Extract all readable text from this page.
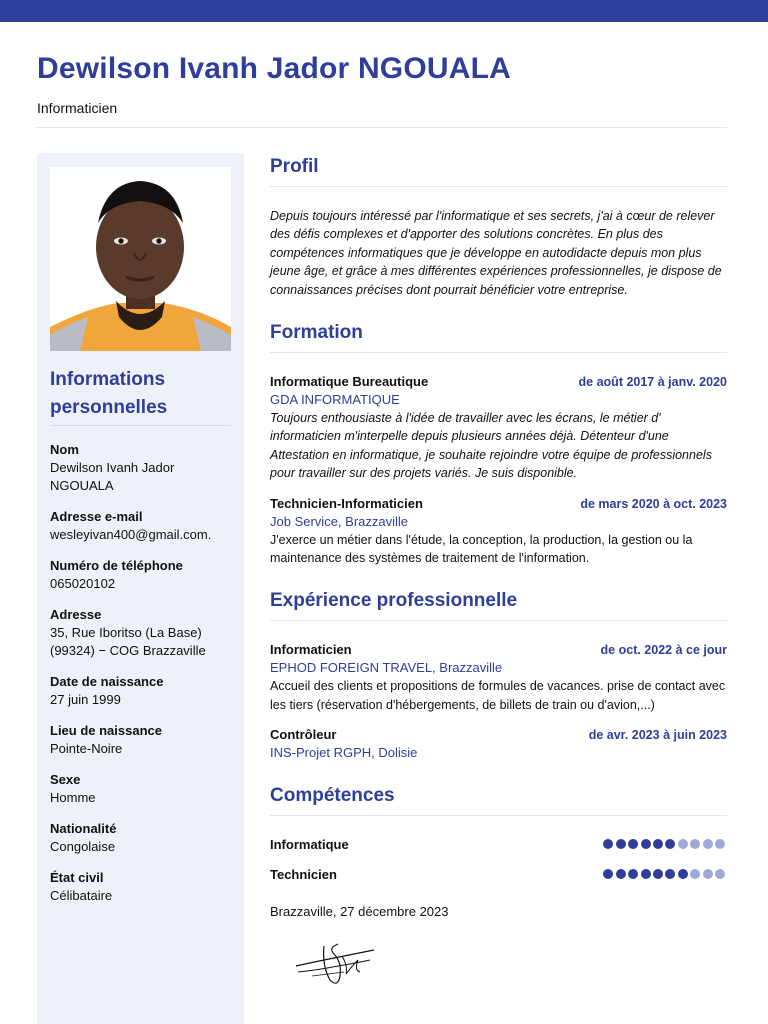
Dewilson Ivanh Jador NGOUALA
Informaticien
Informations personnelles
Nom
Dewilson Ivanh Jador NGOUALA
Adresse e-mail
wesleyivan400@gmail.com.
Numéro de téléphone
065020102
Adresse
35, Rue Iboritso (La Base) (99324) − COG Brazzaville
Date de naissance
27 juin 1999
Lieu de naissance
Pointe-Noire
Sexe
Homme
Nationalité
Congolaise
État civil
Célibataire
Profil
Depuis toujours intéressé par l'informatique et ses secrets, j'ai à cœur de relever des défis complexes et d'apporter des solutions concrètes. En plus des compétences informatiques que je développe en autodidacte depuis mon plus jeune âge, et grâce à mes différentes expériences professionnelles, je dispose de connaissances précises dont pourrait bénéficier votre entreprise.
Formation
Informatique Bureautique	de août 2017 à janv. 2020
GDA INFORMATIQUE
Toujours enthousiaste à l'idée de travailler avec les écrans, le métier d' informaticien m'interpelle depuis plusieurs années déjà. Détenteur d'une Attestation en informatique, je souhaite rejoindre votre équipe de professionnels pour travailler sur des projets variés. Je suis disponible.
Technicien-Informaticien	de mars 2020 à oct. 2023
Job Service, Brazzaville
J'exerce un métier dans l'étude, la conception, la production, la gestion ou la maintenance des systèmes de traitement de l'information.
Expérience professionnelle
Informaticien	de oct. 2022 à ce jour
EPHOD FOREIGN TRAVEL, Brazzaville
Accueil des clients et propositions de formules de vacances. prise de contact avec les tiers (réservation d'hébergements, de billets de train ou d'avion,...)
Contrôleur	de avr. 2023 à juin 2023
INS-Projet RGPH, Dolisie
Compétences
Informatique
Technicien
Brazzaville, 27 décembre 2023
